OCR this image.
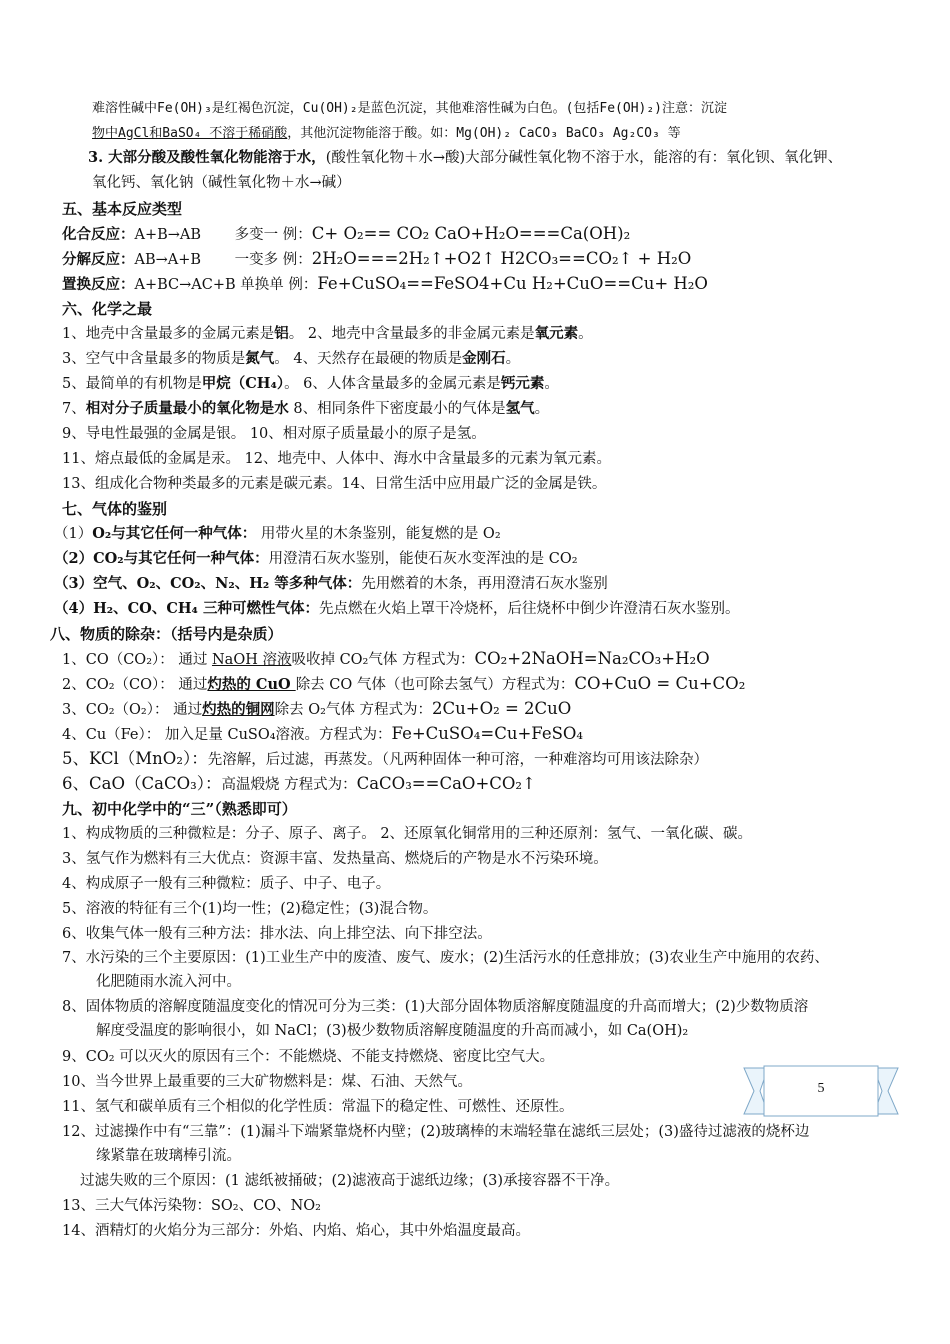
难溶性碱中Fe(OH)₃是红褐色沉淀，Cu(OH)₂是蓝色沉淀，其他难溶性碱为白色。(包括Fe(OH)₂)注意：沉淀
物中AgCl和BaSO₄ 不溶于稀硝酸，其他沉淀物能溶于酸。如：Mg(OH)₂ CaCO₃ BaCO₃ Ag₂CO₃ 等
3. 大部分酸及酸性氧化物能溶于水，(酸性氧化物＋水→酸)大部分碱性氧化物不溶于水，能溶的有：氧化钡、氧化钾、
氧化钙、氧化钠（碱性氧化物＋水→碱）
五、基本反应类型
化合反应：A+B→AB　　 多变一 例：C+ O₂== CO₂ CaO+H₂O===Ca(OH)₂
分解反应：AB→A+B　　 一变多 例：2H₂O===2H₂↑+O2↑ H2CO₃==CO₂↑ + H₂O
置换反应：A+BC→AC+B 单换单 例：Fe+CuSO₄==FeSO4+Cu H₂+CuO==Cu+ H₂O
六、化学之最
1、地壳中含量最多的金属元素是铝。 2、地壳中含量最多的非金属元素是氧元素。
3、空气中含量最多的物质是氮气。 4、天然存在最硬的物质是金刚石。
5、最简单的有机物是甲烷（CH₄）。 6、人体含量最多的金属元素是钙元素。
7、相对分子质量最小的氧化物是水 8、相同条件下密度最小的气体是氢气。
9、导电性最强的金属是银。 10、相对原子质量最小的原子是氢。
11、熔点最低的金属是汞。 12、地壳中、人体中、海水中含量最多的元素为氧元素。
13、组成化合物种类最多的元素是碳元素。14、日常生活中应用最广泛的金属是铁。
七、气体的鉴别
（1）O₂与其它任何一种气体： 用带火星的木条鉴别，能复燃的是 O₂
（2）CO₂与其它任何一种气体：用澄清石灰水鉴别，能使石灰水变浑浊的是 CO₂
（3）空气、O₂、CO₂、N₂、H₂ 等多种气体：先用燃着的木条，再用澄清石灰水鉴别
（4）H₂、CO、CH₄ 三种可燃性气体：先点燃在火焰上罩干冷烧杯，后往烧杯中倒少许澄清石灰水鉴别。
八、物质的除杂：（括号内是杂质）
1、CO（CO₂）： 通过 NaOH 溶液吸收掉 CO₂气体 方程式为：CO₂+2NaOH=Na₂CO₃+H₂O
2、CO₂（CO）： 通过灼热的 CuO 除去 CO 气体（也可除去氢气）方程式为：CO+CuO = Cu+CO₂
3、CO₂（O₂）： 通过灼热的铜网除去 O₂气体 方程式为：2Cu+O₂ = 2CuO
4、Cu（Fe）： 加入足量 CuSO₄溶液。方程式为：Fe+CuSO₄=Cu+FeSO₄
5、KCl（MnO₂）：先溶解，后过滤，再蒸发。（凡两种固体一种可溶，一种难溶均可用该法除杂）
6、CaO（CaCO₃）：高温煅烧 方程式为：CaCO₃==CaO+CO₂↑
九、初中化学中的“三”（熟悉即可）
1、构成物质的三种微粒是：分子、原子、离子。 2、还原氧化铜常用的三种还原剂：氢气、一氧化碳、碳。
3、氢气作为燃料有三大优点：资源丰富、发热量高、燃烧后的产物是水不污染环境。
4、构成原子一般有三种微粒：质子、中子、电子。
5、溶液的特征有三个(1)均一性；(2)稳定性；(3)混合物。
6、收集气体一般有三种方法：排水法、向上排空法、向下排空法。
7、水污染的三个主要原因：(1)工业生产中的废渣、废气、废水；(2)生活污水的任意排放；(3)农业生产中施用的农药、
化肥随雨水流入河中。
8、固体物质的溶解度随温度变化的情况可分为三类：(1)大部分固体物质溶解度随温度的升高而增大；(2)少数物质溶
解度受温度的影响很小，如 NaCl；(3)极少数物质溶解度随温度的升高而减小，如 Ca(OH)₂
9、CO₂ 可以灭火的原因有三个：不能燃烧、不能支持燃烧、密度比空气大。
10、当今世界上最重要的三大矿物燃料是：煤、石油、天然气。
11、氢气和碳单质有三个相似的化学性质：常温下的稳定性、可燃性、还原性。
12、过滤操作中有“三靠”：(1)漏斗下端紧靠烧杯内壁；(2)玻璃棒的末端轻靠在滤纸三层处；(3)盛待过滤液的烧杯边
缘紧靠在玻璃棒引流。
过滤失败的三个原因：(1 滤纸被捅破；(2)滤液高于滤纸边缘；(3)承接容器不干净。
13、三大气体污染物：SO₂、CO、NO₂
14、酒精灯的火焰分为三部分：外焰、内焰、焰心，其中外焰温度最高。
5
